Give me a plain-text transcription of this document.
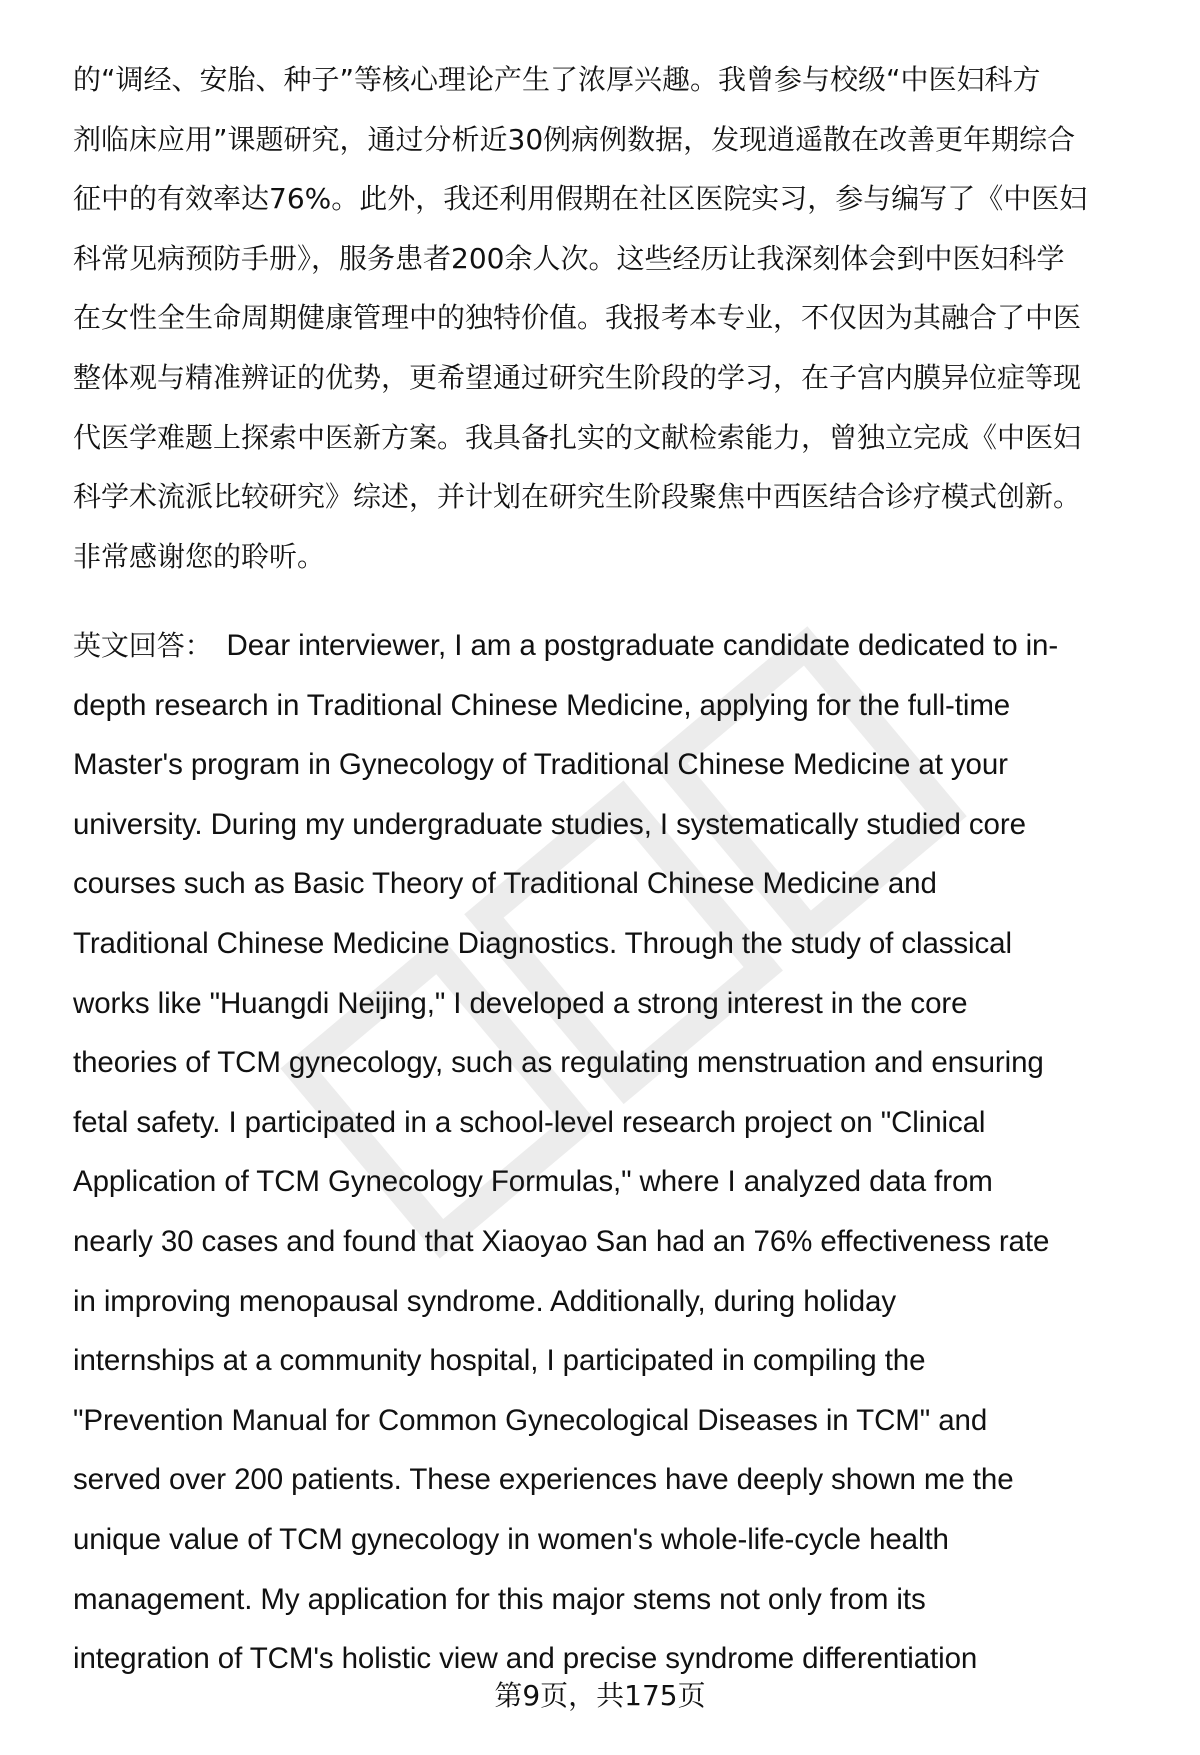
的“调经、安胎、种子”等核心理论产生了浓厚兴趣。我曾参与校级“中医妇科方
剂临床应用”课题研究，通过分析近30例病例数据，发现逍遥散在改善更年期综合
征中的有效率达76%。此外，我还利用假期在社区医院实习，参与编写了《中医妇
科常见病预防手册》，服务患者200余人次。这些经历让我深刻体会到中医妇科学
在女性全生命周期健康管理中的独特价值。我报考本专业，不仅因为其融合了中医
整体观与精准辨证的优势，更希望通过研究生阶段的学习，在子宫内膜异位症等现
代医学难题上探索中医新方案。我具备扎实的文献检索能力，曾独立完成《中医妇
科学术流派比较研究》综述，并计划在研究生阶段聚焦中西医结合诊疗模式创新。
非常感谢您的聆听。
英文回答： Dear interviewer, I am a postgraduate candidate dedicated to in-
depth research in Traditional Chinese Medicine, applying for the full-time
Master's program in Gynecology of Traditional Chinese Medicine at your
university. During my undergraduate studies, I systematically studied core
courses such as Basic Theory of Traditional Chinese Medicine and
Traditional Chinese Medicine Diagnostics. Through the study of classical
works like "Huangdi Neijing," I developed a strong interest in the core
theories of TCM gynecology, such as regulating menstruation and ensuring
fetal safety. I participated in a school-level research project on "Clinical
Application of TCM Gynecology Formulas," where I analyzed data from
nearly 30 cases and found that Xiaoyao San had an 76% effectiveness rate
in improving menopausal syndrome. Additionally, during holiday
internships at a community hospital, I participated in compiling the
"Prevention Manual for Common Gynecological Diseases in TCM" and
served over 200 patients. These experiences have deeply shown me the
unique value of TCM gynecology in women's whole-life-cycle health
management. My application for this major stems not only from its
integration of TCM's holistic view and precise syndrome differentiation
第9页，共175页
